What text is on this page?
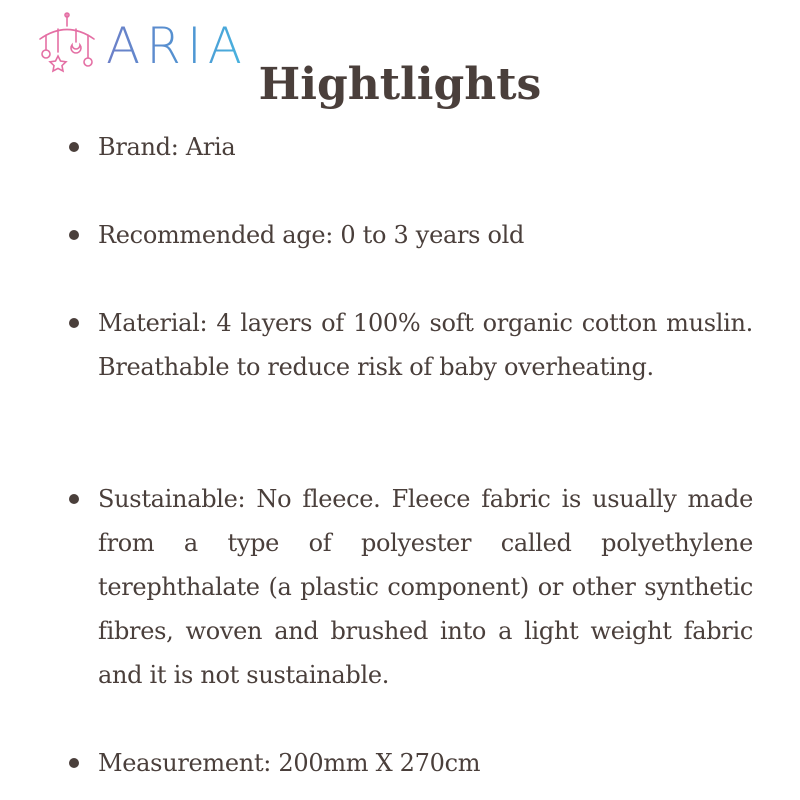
ARIA
Hightlights
Brand: Aria
Recommended age: 0 to 3 years old
Material: 4 layers of 100% soft organic cotton muslin. Breathable to reduce risk of baby overheating.
Sustainable: No fleece. Fleece fabric is usually made from a type of polyester called polyethylene terephthalate (a plastic component) or other synthetic fibres, woven and brushed into a light weight fabric and it is not sustainable.
Measurement: 200mm X 270cm
